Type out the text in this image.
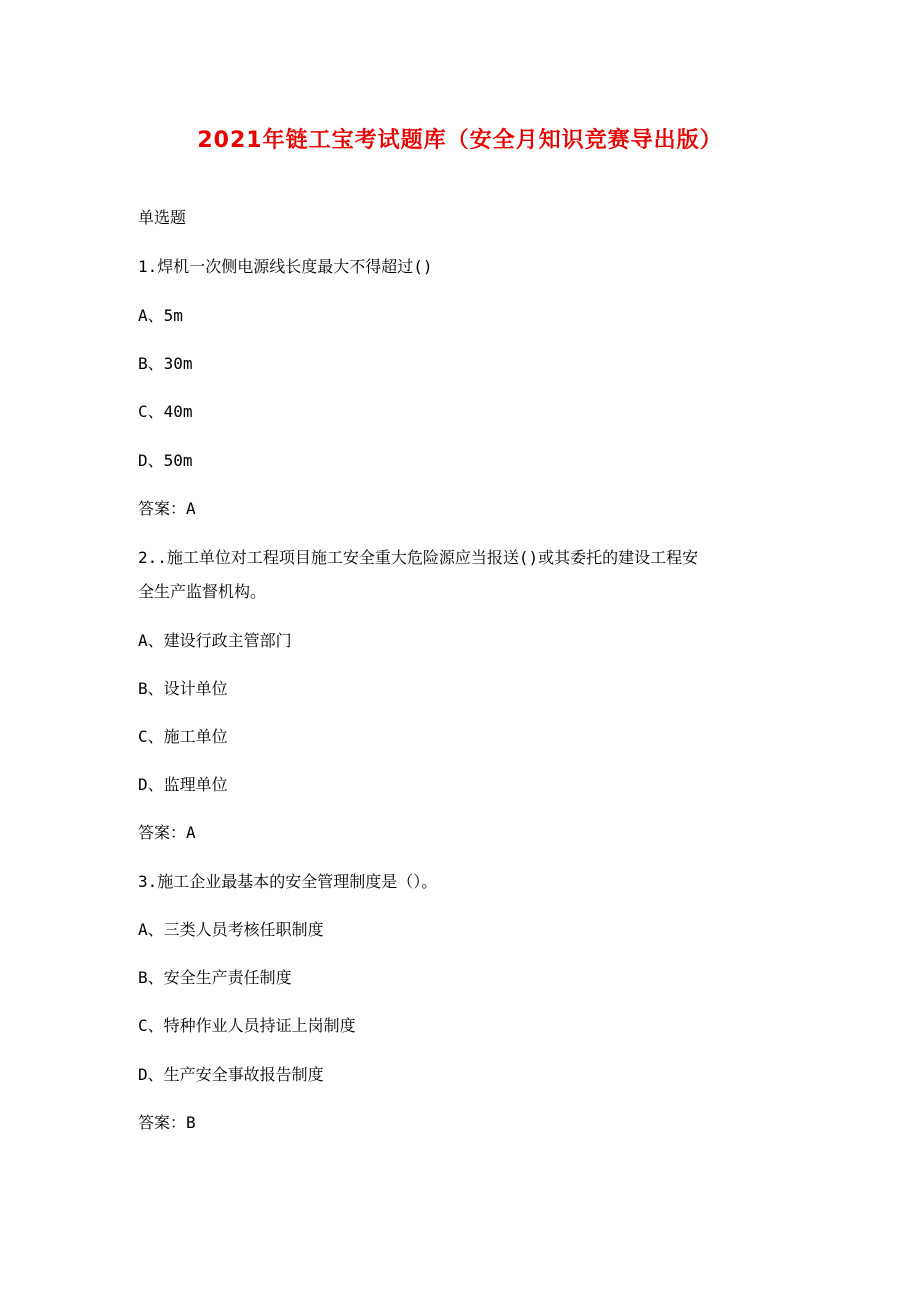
2021年链工宝考试题库（安全月知识竞赛导出版）
单选题
1.焊机一次侧电源线长度最大不得超过()
A、5m
B、30m
C、40m
D、50m
答案：A
2..施工单位对工程项目施工安全重大危险源应当报送()或其委托的建设工程安
全生产监督机构。
A、建设行政主管部门
B、设计单位
C、施工单位
D、监理单位
答案：A
3.施工企业最基本的安全管理制度是（）。
A、三类人员考核任职制度
B、安全生产责任制度
C、特种作业人员持证上岗制度
D、生产安全事故报告制度
答案：B
